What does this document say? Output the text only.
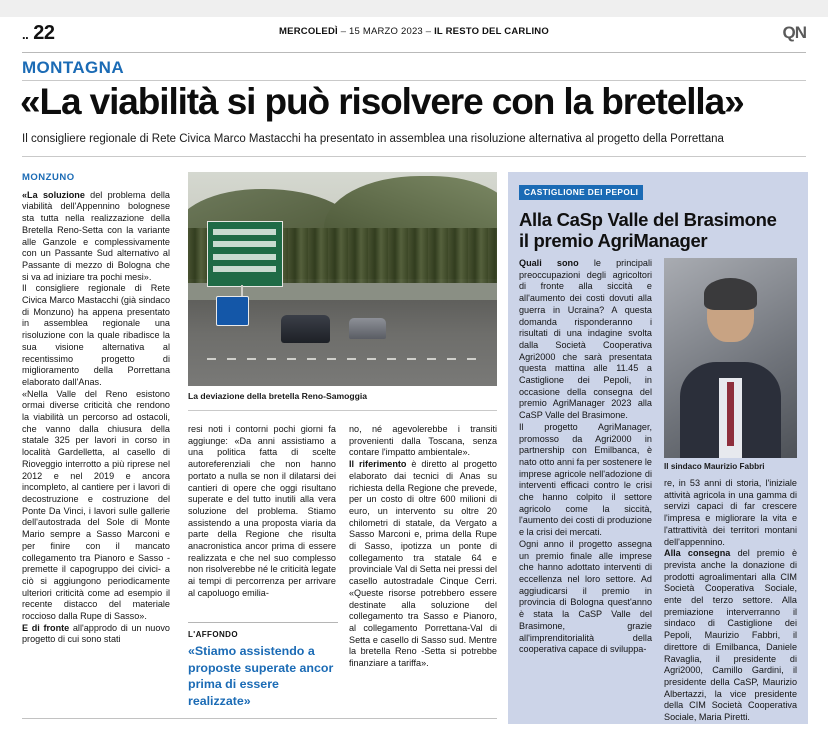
.. 22	MERCOLEDÌ – 15 MARZO 2023 – IL RESTO DEL CARLINO	QN
MONTAGNA
«La viabilità si può risolvere con la bretella»
Il consigliere regionale di Rete Civica Marco Mastacchi ha presentato in assemblea una risoluzione alternativa al progetto della Porrettana
MONZUNO

«La soluzione del problema della viabilità dell'Appennino bolognese sta tutta nella realizzazione della Bretella Reno-Setta con la variante alle Ganzole e complessivamente con un Passante Sud alternativo al Passante di mezzo di Bologna che si va ad iniziare tra pochi mesi».

Il consigliere regionale di Rete Civica Marco Mastacchi (già sindaco di Monzuno) ha appena presentato in assemblea regionale una risoluzione con la quale ribadisce la sua visione alternativa al recentissimo progetto di miglioramento della Porrettana elaborato dall'Anas.

«Nella Valle del Reno esistono ormai diverse criticità che rendono la viabilità un percorso ad ostacoli, che vanno dalla chiusura della statale 325 per lavori in corso in località Gardelletta, al casello di Rioveggio interrotto a più riprese nel 2012 e nel 2019 e ancora incompleto, al cantiere per i lavori di decostruzione e costruzione del Ponte Da Vinci, i lavori sulle gallerie dell'autostrada del Sole di Monte Mario sempre a Sasso Marconi e per finire con il mancato collegamento tra Pianoro e Sasso -premette il capogruppo dei civici- a ciò si aggiungono periodicamente ulteriori criticità come ad esempio il recente distacco del materiale roccioso dalla Rupe di Sasso».

E di fronte all'approdo di un nuovo progetto di cui sono stati

La deviazione della bretella Reno-Samoggia

resi noti i contorni pochi giorni fa aggiunge: «Da anni assistiamo a una politica fatta di scelte autoreferenziali che non hanno portato a nulla se non il dilatarsi dei cantieri di opere che oggi risultano superate e del tutto inutili alla vera soluzione del problema. Stiamo assistendo a una proposta viaria da parte della Regione che risulta anacronistica ancor prima di essere realizzata e che nel suo complesso non risolverebbe né le criticità legate ai tempi di percorrenza per arrivare al capoluogo emilia-

L'AFFONDO
«Stiamo assistendo a proposte superate ancor prima di essere realizzate»

no, né agevolerebbe i transiti provenienti dalla Toscana, senza contare l'impatto ambientale».

Il riferimento è diretto al progetto elaborato dai tecnici di Anas su richiesta della Regione che prevede, per un costo di oltre 600 milioni di euro, un intervento su oltre 20 chilometri di statale, da Vergato a Sasso Marconi e, prima della Rupe di Sasso, ipotizza un ponte di collegamento tra statale 64 e provinciale Val di Setta nei pressi del casello autostradale Cinque Cerri. «Queste risorse potrebbero essere destinate alla soluzione del collegamento tra Sasso e Pianoro, al collegamento Porrettana-Val di Setta e casello di Sasso sud. Mentre la bretella Reno -Setta si potrebbe finanziare a tariffa».

CASTIGLIONE DEI PEPOLI
Alla CaSp Valle del Brasimone
il premio AgriManager

Quali sono le principali preoccupazioni degli agricoltori di fronte alla siccità e all'aumento dei costi dovuti alla guerra in Ucraina? A questa domanda risponderanno i risultati di una indagine svolta dalla Società Cooperativa Agri2000 che sarà presentata questa mattina alle 11.45 a Castiglione dei Pepoli, in occasione della consegna del premio AgriManager 2023 alla CaSP Valle del Brasimone.

Il progetto AgriManager, promosso da Agri2000 in partnership con Emilbanca, è nato otto anni fa per sostenere le imprese agricole nell'adozione di interventi efficaci contro le crisi che hanno colpito il settore agricolo come la siccità, l'aumento dei costi di produzione e la crisi dei mercati.

Ogni anno il progetto assegna un premio finale alle imprese che hanno adottato interventi di eccellenza nel loro settore. Ad aggiudicarsi il premio in provincia di Bologna quest'anno è stata la CaSP Valle del Brasimone, grazie all'imprenditorialità della cooperativa capace di sviluppa-

Il sindaco Maurizio Fabbri

re, in 53 anni di storia, l'iniziale attività agricola in una gamma di servizi capaci di far crescere l'impresa e migliorare la vita e l'attrattività dei territori montani dell'appennino.

Alla consegna del premio è prevista anche la donazione di prodotti agroalimentari alla CIM Società Cooperativa Sociale, ente del terzo settore. Alla premiazione interverranno il sindaco di Castiglione dei Pepoli, Maurizio Fabbri, il direttore di Emilbanca, Daniele Ravaglia, il presidente di Agri2000, Camillo Gardini, il presidente della CaSP, Maurizio Albertazzi, la vice presidente della CIM Società Cooperativa Sociale, Maria Piretti.
